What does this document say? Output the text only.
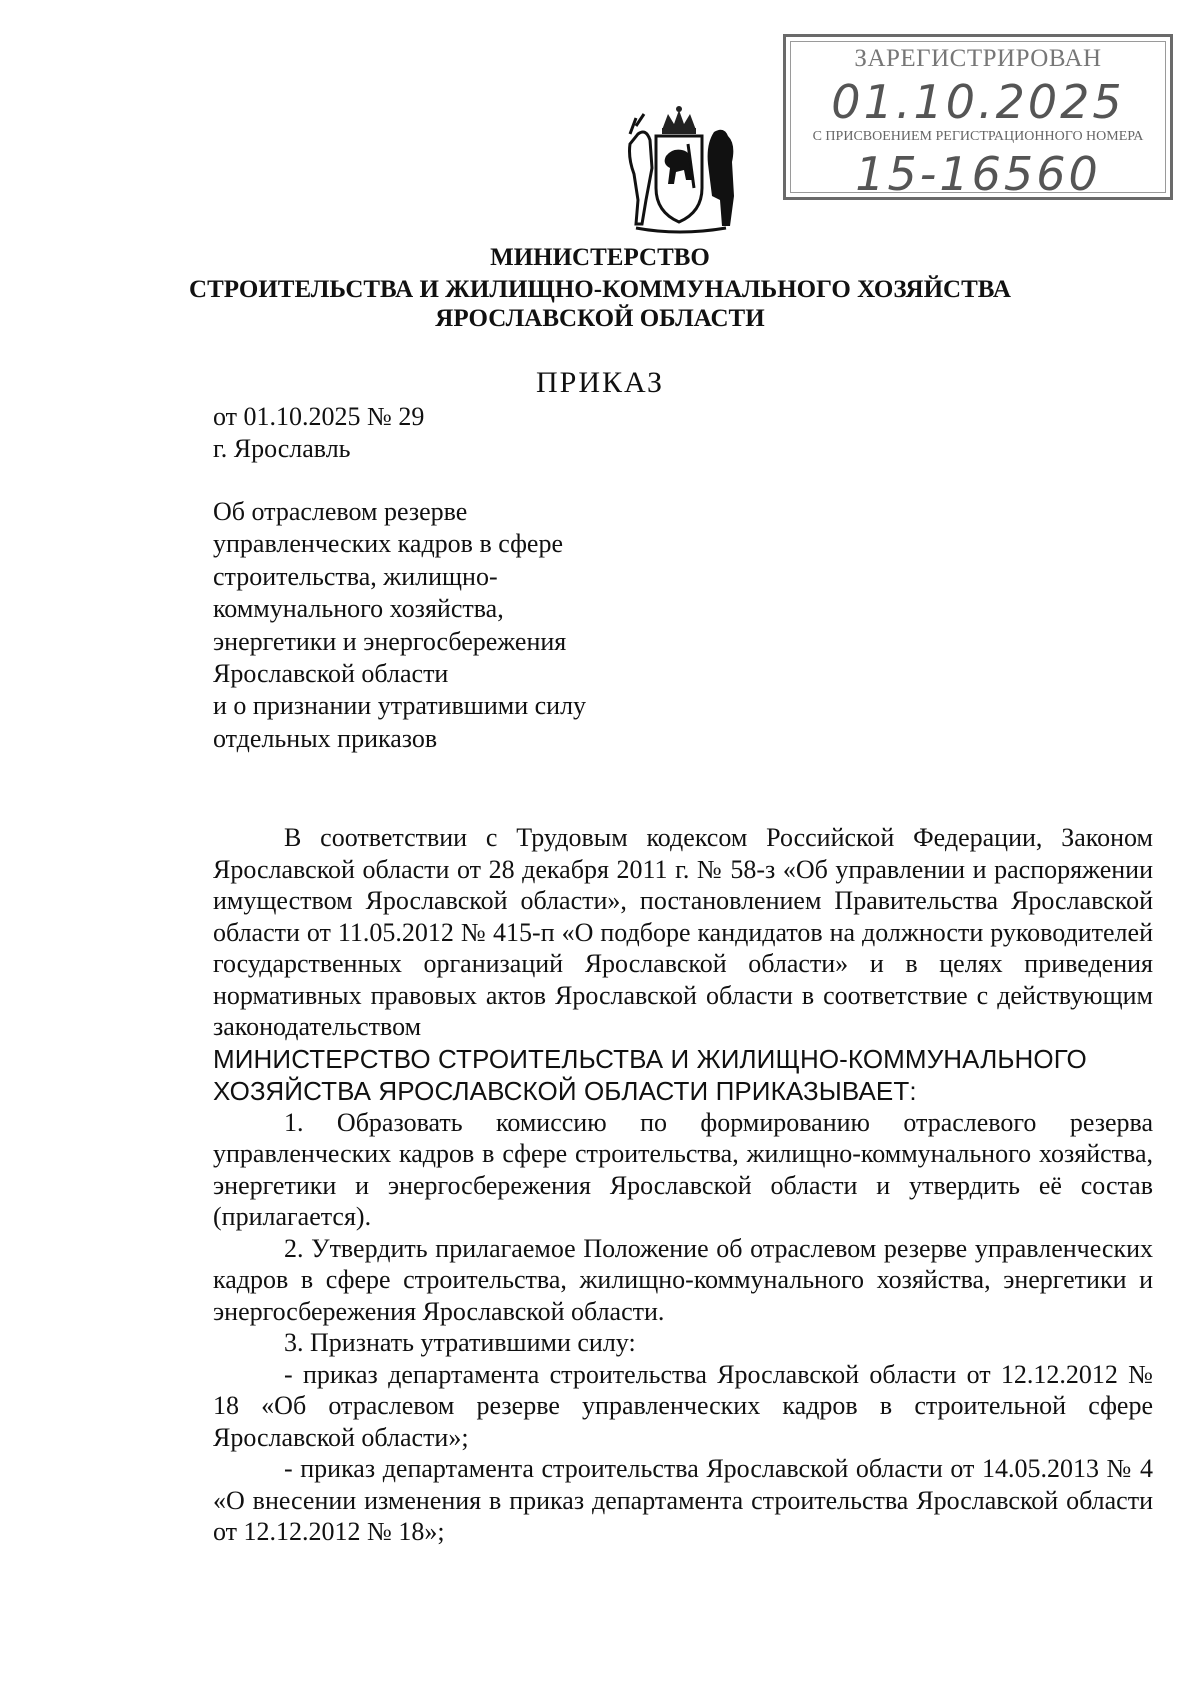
ЗАРЕГИСТРИРОВАН
01.10.2025
С ПРИСВОЕНИЕМ РЕГИСТРАЦИОННОГО НОМЕРА
15-16560
МИНИСТЕРСТВО
СТРОИТЕЛЬСТВА И ЖИЛИЩНО-КОММУНАЛЬНОГО ХОЗЯЙСТВА
ЯРОСЛАВСКОЙ ОБЛАСТИ
ПРИКАЗ
от 01.10.2025 № 29
г. Ярославль
Об отраслевом резерве
управленческих кадров в сфере
строительства, жилищно-
коммунального хозяйства,
энергетики и энергосбережения
Ярославской области
и о признании утратившими силу
отдельных приказов

В соответствии с Трудовым кодексом Российской Федерации, Законом Ярославской области от 28 декабря 2011 г. № 58-з «Об управлении и распоряжении имуществом Ярославской области», постановлением Правительства Ярославской области от 11.05.2012 № 415-п «О подборе кандидатов на должности руководителей государственных организаций Ярославской области» и в целях приведения нормативных правовых актов Ярославской области в соответствие с действующим законодательством

МИНИСТЕРСТВО СТРОИТЕЛЬСТВА И ЖИЛИЩНО-КОММУНАЛЬНОГО ХОЗЯЙСТВА ЯРОСЛАВСКОЙ ОБЛАСТИ ПРИКАЗЫВАЕТ:

1. Образовать комиссию по формированию отраслевого резерва управленческих кадров в сфере строительства, жилищно-коммунального хозяйства, энергетики и энергосбережения Ярославской области и утвердить её состав (прилагается).

2. Утвердить прилагаемое Положение об отраслевом резерве управленческих кадров в сфере строительства, жилищно-коммунального хозяйства, энергетики и энергосбережения Ярославской области.

3. Признать утратившими силу:

- приказ департамента строительства Ярославской области от 12.12.2012 № 18 «Об отраслевом резерве управленческих кадров в строительной сфере Ярославской области»;

- приказ департамента строительства Ярославской области от 14.05.2013 № 4 «О внесении изменения в приказ департамента строительства Ярославской области от 12.12.2012 № 18»;
